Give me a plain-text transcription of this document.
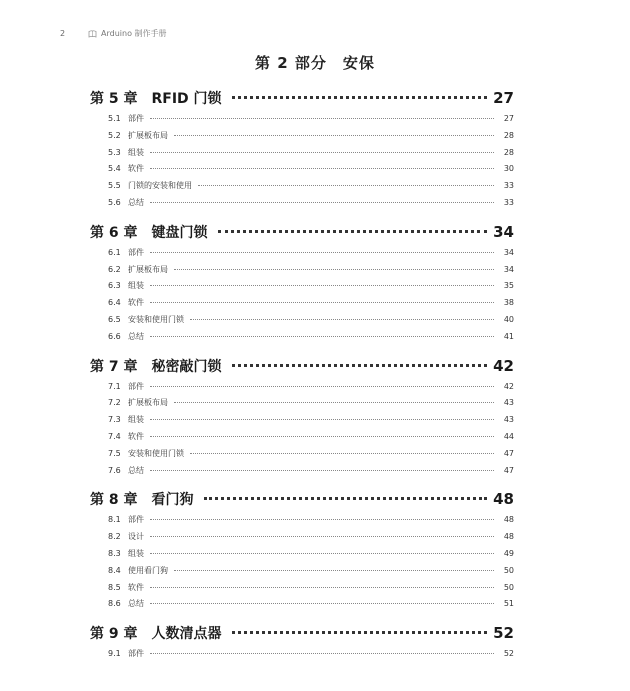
2	Arduino 制作手册
第 2 部分　安保
第 5 章 RFID 门锁	27
5.1 部件	27
5.2 扩展板布局	28
5.3 组装	28
5.4 软件	30
5.5 门锁的安装和使用	33
5.6 总结	33
第 6 章 键盘门锁	34
6.1 部件	34
6.2 扩展板布局	34
6.3 组装	35
6.4 软件	38
6.5 安装和使用门锁	40
6.6 总结	41
第 7 章 秘密敲门锁	42
7.1 部件	42
7.2 扩展板布局	43
7.3 组装	43
7.4 软件	44
7.5 安装和使用门锁	47
7.6 总结	47
第 8 章 看门狗	48
8.1 部件	48
8.2 设计	48
8.3 组装	49
8.4 使用看门狗	50
8.5 软件	50
8.6 总结	51
第 9 章 人数清点器	52
9.1 部件	52
